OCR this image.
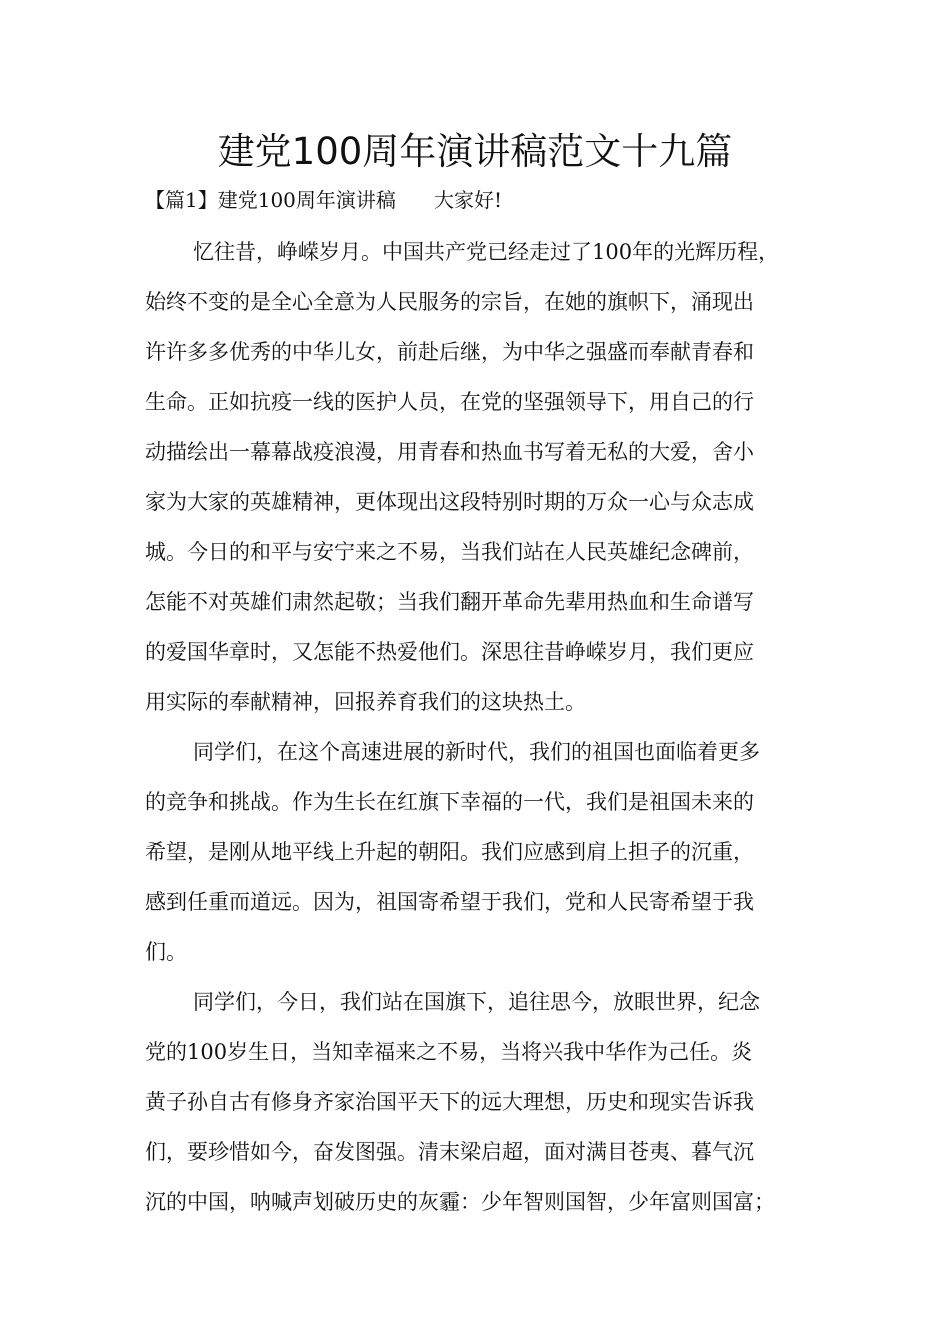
建党100周年演讲稿范文十九篇

【篇1】建党100周年演讲稿      大家好!

忆往昔，峥嵘岁月。中国共产党已经走过了100年的光辉历程，

始终不变的是全心全意为人民服务的宗旨，在她的旗帜下，涌现出

许许多多优秀的中华儿女，前赴后继，为中华之强盛而奉献青春和

生命。正如抗疫一线的医护人员，在党的坚强领导下，用自己的行

动描绘出一幕幕战疫浪漫，用青春和热血书写着无私的大爱，舍小

家为大家的英雄精神，更体现出这段特别时期的万众一心与众志成

城。今日的和平与安宁来之不易，当我们站在人民英雄纪念碑前，

怎能不对英雄们肃然起敬；当我们翻开革命先辈用热血和生命谱写

的爱国华章时，又怎能不热爱他们。深思往昔峥嵘岁月，我们更应

用实际的奉献精神，回报养育我们的这块热土。

同学们，在这个高速进展的新时代，我们的祖国也面临着更多

的竞争和挑战。作为生长在红旗下幸福的一代，我们是祖国未来的

希望，是刚从地平线上升起的朝阳。我们应感到肩上担子的沉重，

感到任重而道远。因为，祖国寄希望于我们，党和人民寄希望于我

们。

同学们，今日，我们站在国旗下，追往思今，放眼世界，纪念

党的100岁生日，当知幸福来之不易，当将兴我中华作为己任。炎

黄子孙自古有修身齐家治国平天下的远大理想，历史和现实告诉我

们，要珍惜如今，奋发图强。清末梁启超，面对满目苍夷、暮气沉

沉的中国，呐喊声划破历史的灰霾：少年智则国智，少年富则国富；
